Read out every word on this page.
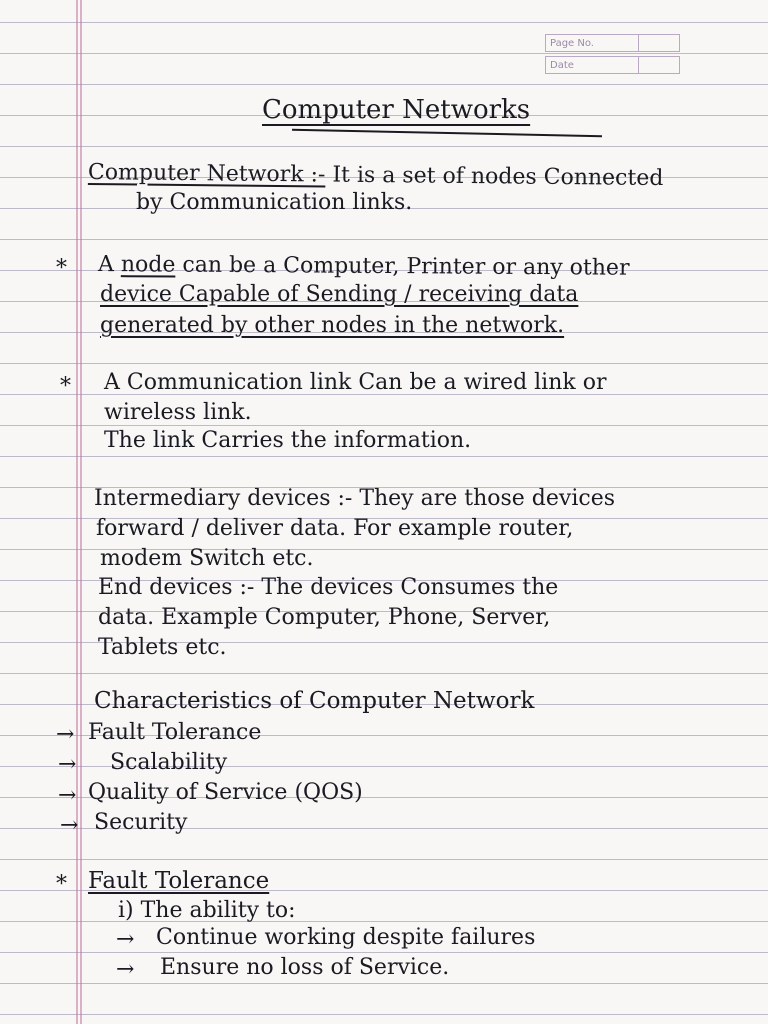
Page No.
Date
Computer Networks
Computer Network :- It is a set of nodes Connected
by Communication links.
* A node can be a Computer, Printer or any other
device Capable of Sending / receiving data
generated by other nodes in the network.
* A Communication link Can be a wired link or
wireless link.
The link Carries the information.
Intermediary devices :- They are those devices
forward / deliver data. For example router,
modem Switch etc.
End devices :- The devices Consumes the
data. Example Computer, Phone, Server,
Tablets etc.
Characteristics of Computer Network
→ Fault Tolerance
→ Scalability
→ Quality of Service (QOS)
→ Security
* Fault Tolerance
i) The ability to:
→ Continue working despite failures
→ Ensure no loss of Service.
